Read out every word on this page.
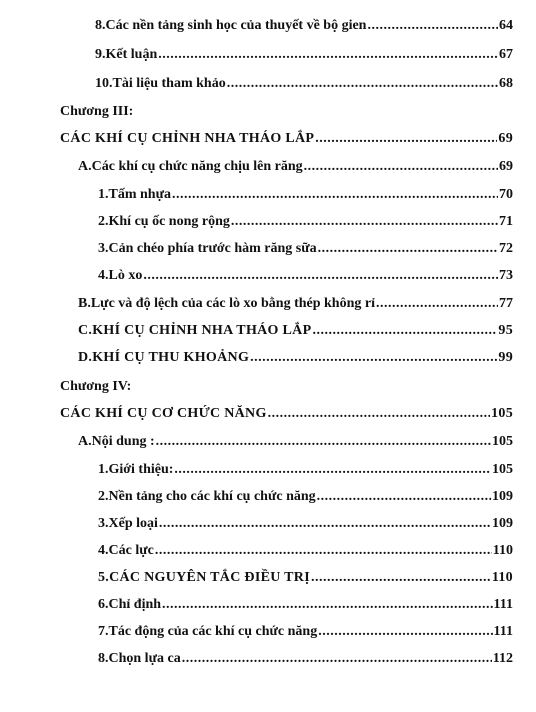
8. Các nền tảng sinh học của thuyết về bộ gien .....	64
9. Kết luận .....	67
10. Tài liệu tham khảo .....	68
Chương III:
CÁC KHÍ CỤ CHỈNH NHA THÁO LẮP .....	69
A. Các khí cụ chức năng chịu lên răng .....	69
1. Tấm nhựa .....	70
2. Khí cụ ốc nong rộng .....	71
3. Cản chéo phía trước hàm răng sữa .....	72
4. Lò xo .....	73
B. Lực và độ lệch của các lò xo bằng thép không rỉ .....	77
C. KHÍ CỤ CHỈNH NHA THÁO LẮP .....	95
D. KHÍ CỤ THU KHOẢNG .....	99
Chương IV:
CÁC KHÍ CỤ CƠ CHỨC NĂNG .....	105
A. Nội dung : .....	105
1. Giới thiệu: .....	105
2. Nền tảng cho các khí cụ chức năng .....	109
3. Xếp loại .....	109
4. Các lực .....	110
5. CÁC NGUYÊN TẮC ĐIỀU TRỊ .....	110
6. Chỉ định .....	111
7. Tác động của các khí cụ chức năng .....	111
8. Chọn lựa ca .....	112
